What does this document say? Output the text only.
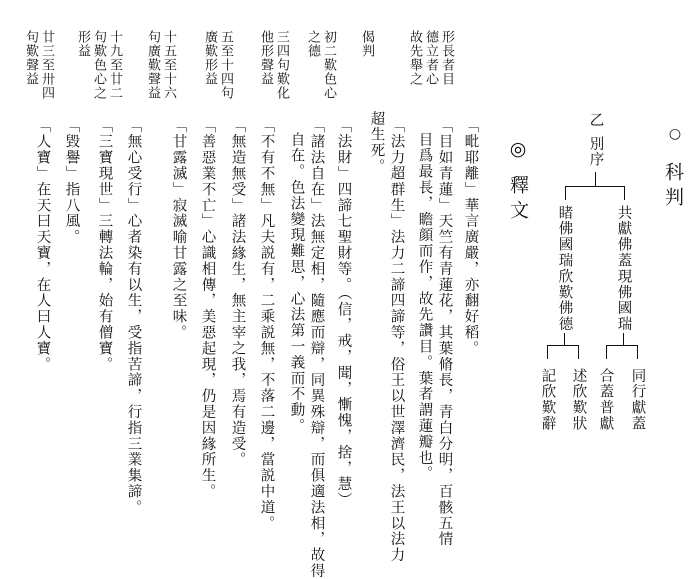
○
科判
乙
別序
共獻佛蓋現佛國瑞
睹佛國瑞欣歎佛德
同行獻蓋
合蓋普獻
述欣歎狀
記欣歎辭
◎
釋文
「毗耶離」華言廣嚴，亦翻好稻。
「目如青蓮」天竺有青蓮花，其葉脩長，青白分明，百骸五情
目爲最長，瞻顔而作，故先讚目。葉者謂蓮瓣也。
「法力超群生」法力二諦四諦等，俗王以世澤濟民，法王以法力
超生死。
「法財」四諦七聖財等。（信，戒，聞，慚愧，捨，慧）
「諸法自在」法無定相，隨應而辯，同異殊辯，而俱適法相，故得
自在。色法變現難思，心法第一義而不動。
「不有不無」凡夫説有，二乘説無，不落二邊，當説中道。
「無造無受」諸法緣生，無主宰之我，焉有造受。
「善惡業不亡」心識相傳，美惡起現，仍是因緣所生。
「甘露滅」寂滅喻甘露之至味。
「無心受行」心者染有以生，受指苦諦，行指三業集諦。
「三寶現世」三轉法輪，始有僧寶。
「毀譽」指八風。
「人寶」在天曰天寶，在人曰人寶。
形長者目
德立者心
故先舉之
偈判
初二歎色心
之德
三四句歎化
他形聲益
五至十四句
廣歎形益
十五至十六
句廣歎聲益
十九至廿二
句歎色心之
形益
廿三至卅四
句歎聲益
